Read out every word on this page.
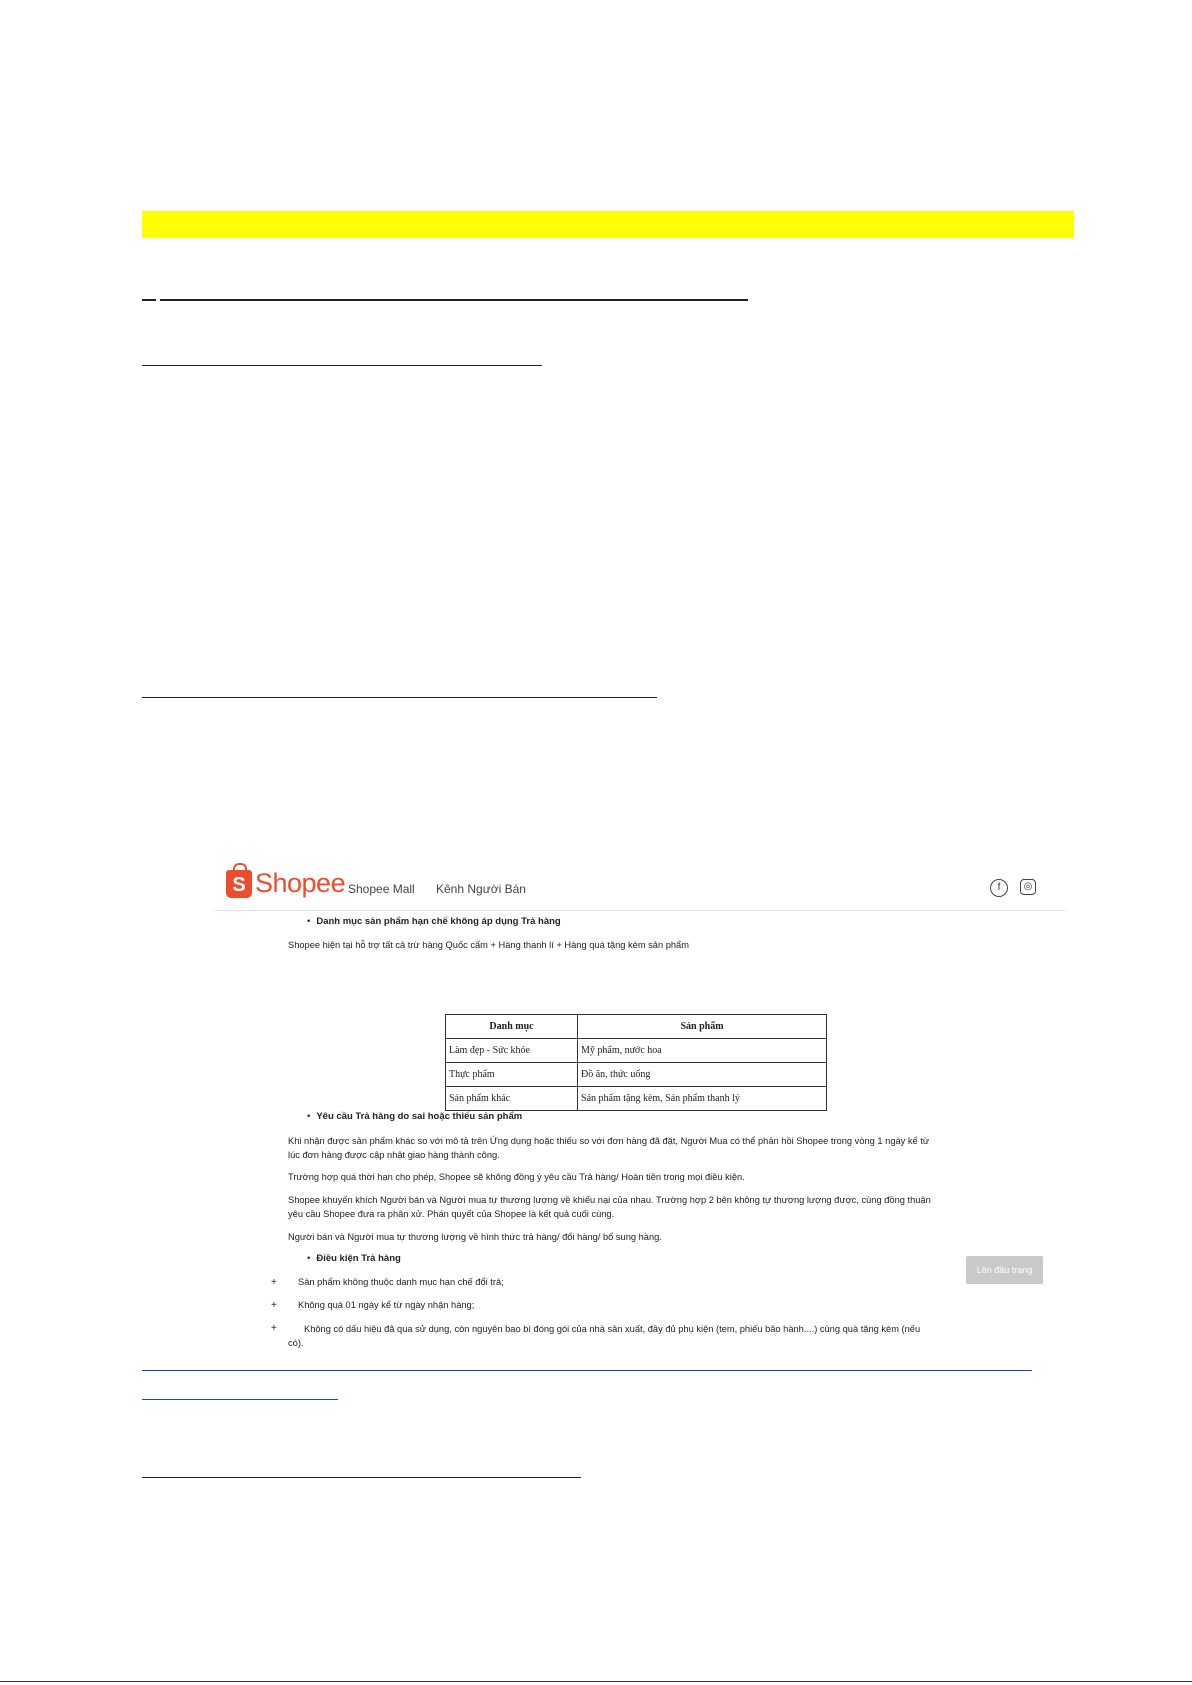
S Shopee Shopee Mall Kênh Người Bán	f	◎
• Danh mục sản phẩm hạn chế không áp dụng Trả hàng
Shopee hiện tại hỗ trợ tất cả trừ hàng Quốc cấm + Hàng thanh lí + Hàng quà tặng kèm sản phẩm
Danh mục	Sản phẩm
Làm đẹp - Sức khỏe	Mỹ phẩm, nước hoa
Thực phẩm	Đồ ăn, thức uống
Sản phẩm khác	Sản phẩm tặng kèm, Sản phẩm thanh lý
• Yêu cầu Trả hàng do sai hoặc thiếu sản phẩm
Khi nhận được sản phẩm khác so với mô tả trên Ứng dụng hoặc thiếu so với đơn hàng đã đặt, Người Mua có thể phản hồi Shopee trong vòng 1 ngày kể từ
lúc đơn hàng được cập nhật giao hàng thành công.
Trường hợp quá thời hạn cho phép, Shopee sẽ không đồng ý yêu cầu Trả hàng/ Hoàn tiền trong mọi điều kiện.
Shopee khuyến khích Người bán và Người mua tự thương lượng về khiếu nại của nhau. Trường hợp 2 bên không tự thương lượng được, cùng đồng thuận
yêu cầu Shopee đưa ra phân xử. Phán quyết của Shopee là kết quả cuối cùng.
Người bán và Người mua tự thương lượng về hình thức trả hàng/ đổi hàng/ bổ sung hàng.
• Điều kiện Trả hàng
+ Sản phẩm không thuộc danh mục hạn chế đổi trả;
+ Không quá 01 ngày kể từ ngày nhận hàng;
+	Không có dấu hiệu đã qua sử dụng, còn nguyên bao bì đóng gói của nhà sản xuất, đầy đủ phụ kiện (tem, phiếu bảo hành....) cùng quà tặng kèm (nếu
có).
Lên đầu trang
